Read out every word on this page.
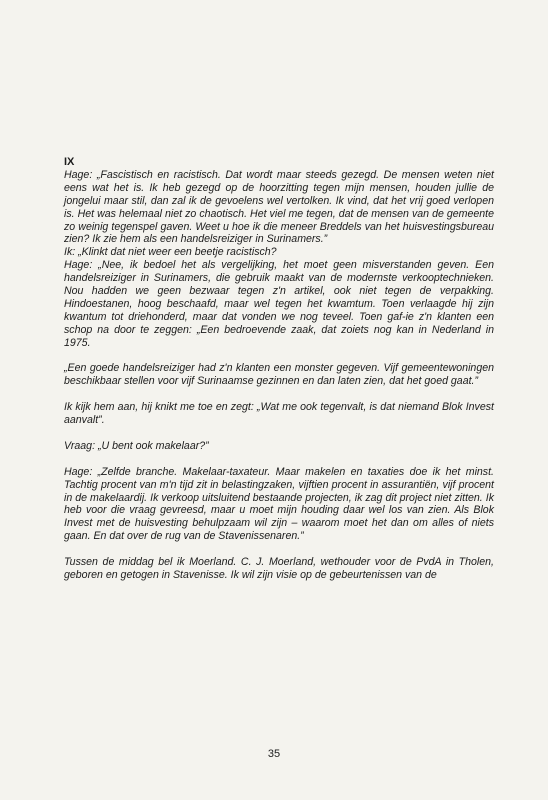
IX

Hage: „Fascistisch en racistisch. Dat wordt maar steeds gezegd. De mensen weten niet eens wat het is. Ik heb gezegd op de hoorzitting tegen mijn mensen, houden jullie de jongelui maar stil, dan zal ik de gevoelens wel vertolken. Ik vind, dat het vrij goed verlopen is. Het was helemaal niet zo chaotisch. Het viel me tegen, dat de mensen van de gemeente zo weinig tegenspel gaven. Weet u hoe ik die meneer Breddels van het huisvestingsbureau zien? Ik zie hem als een handelsreiziger in Surinamers.”

Ik: „Klinkt dat niet weer een beetje racistisch?

Hage: „Nee, ik bedoel het als vergelijking, het moet geen misverstanden geven. Een handelsreiziger in Surinamers, die gebruik maakt van de modernste verkooptechnieken. Nou hadden we geen bezwaar tegen z'n artikel, ook niet tegen de verpakking. Hindoestanen, hoog beschaafd, maar wel tegen het kwamtum. Toen verlaagde hij zijn kwantum tot driehonderd, maar dat vonden we nog teveel. Toen gaf-ie z'n klanten een schop na door te zeggen: „Een bedroevende zaak, dat zoiets nog kan in Nederland in 1975.

„Een goede handelsreiziger had z'n klanten een monster gegeven. Vijf gemeentewoningen beschikbaar stellen voor vijf Surinaamse gezinnen en dan laten zien, dat het goed gaat.”

Ik kijk hem aan, hij knikt me toe en zegt: „Wat me ook tegenvalt, is dat niemand Blok Invest aanvalt”.

Vraag: „U bent ook makelaar?”

Hage: „Zelfde branche. Makelaar-taxateur. Maar makelen en taxaties doe ik het minst. Tachtig procent van m'n tijd zit in belastingzaken, vijftien procent in assurantiën, vijf procent in de makelaardij. Ik verkoop uitsluitend bestaande projecten, ik zag dit project niet zitten. Ik heb voor die vraag gevreesd, maar u moet mijn houding daar wel los van zien. Als Blok Invest met de huisvesting behulpzaam wil zijn – waarom moet het dan om alles of niets gaan. En dat over de rug van de Stavenissenaren.”

Tussen de middag bel ik Moerland. C. J. Moerland, wethouder voor de PvdA in Tholen, geboren en getogen in Stavenisse. Ik wil zijn visie op de gebeurtenissen van de

35
